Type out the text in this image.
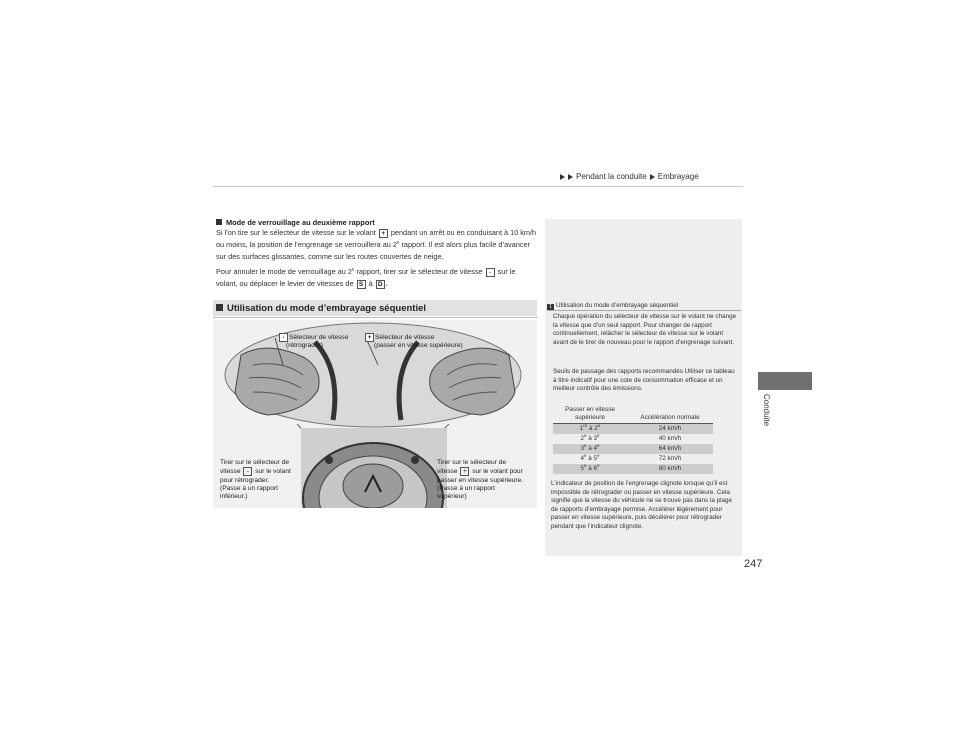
Pendant la conduite Embrayage
Conduite
Mode de verrouillage au deuxième rapport
Si l’on tire sur le sélecteur de vitesse sur le volant + pendant un arrêt ou en conduisant à 10 km/h ou moins, la position de l’engrenage se verrouillera au 2e rapport. Il est alors plus facile d’avancer sur des surfaces glissantes, comme sur les routes couvertes de neige.
Pour annuler le mode de verrouillage au 2e rapport, tirer sur le sélecteur de vitesse - sur le volant, ou déplacer le levier de vitesses de S à D .
Utilisation du mode d’embrayage séquentiel
- Sélecteur de vitesse
(rétrograder)
+ Sélecteur de vitesse
(passer en vitesse supérieure)
Tirer sur le sélecteur de
vitesse - sur le volant
pour rétrograder.
(Passe à un rapport
inférieur.)
Tirer sur le sélecteur de
vitesse + sur le volant pour
passer en vitesse supérieure.
(Passe à un rapport
supérieur)
1 Utilisation du mode d’embrayage séquentiel
Chaque opération du sélecteur de vitesse sur le volant ne change la vitesse que d’un seul rapport. Pour changer de rapport continuellement, relâcher le sélecteur de vitesse sur le volant avant de le tirer de nouveau pour le rapport d’engrenage suivant.
Seuils de passage des rapports recommandés Utiliser ce tableau à titre indicatif pour une cote de consommation efficace et un meilleur contrôle des émissions.
Passer en vitesse supérieure	Accélération normale
1re à 2e	24 km/h
2e à 3e	40 km/h
3e à 4e	64 km/h
4e à 5e	72 km/h
5e à 6e	80 km/h
L’indicateur de position de l’engrenage clignote lorsque qu’il est impossible de rétrograder ou passer en vitesse supérieure. Cela signifie que la vitesse du véhicule ne se trouve pas dans la plage de rapports d’embrayage permise. Accélérer légèrement pour passer en vitesse supérieure, puis décélérer pour rétrograder pendant que l’indicateur clignote.
247
